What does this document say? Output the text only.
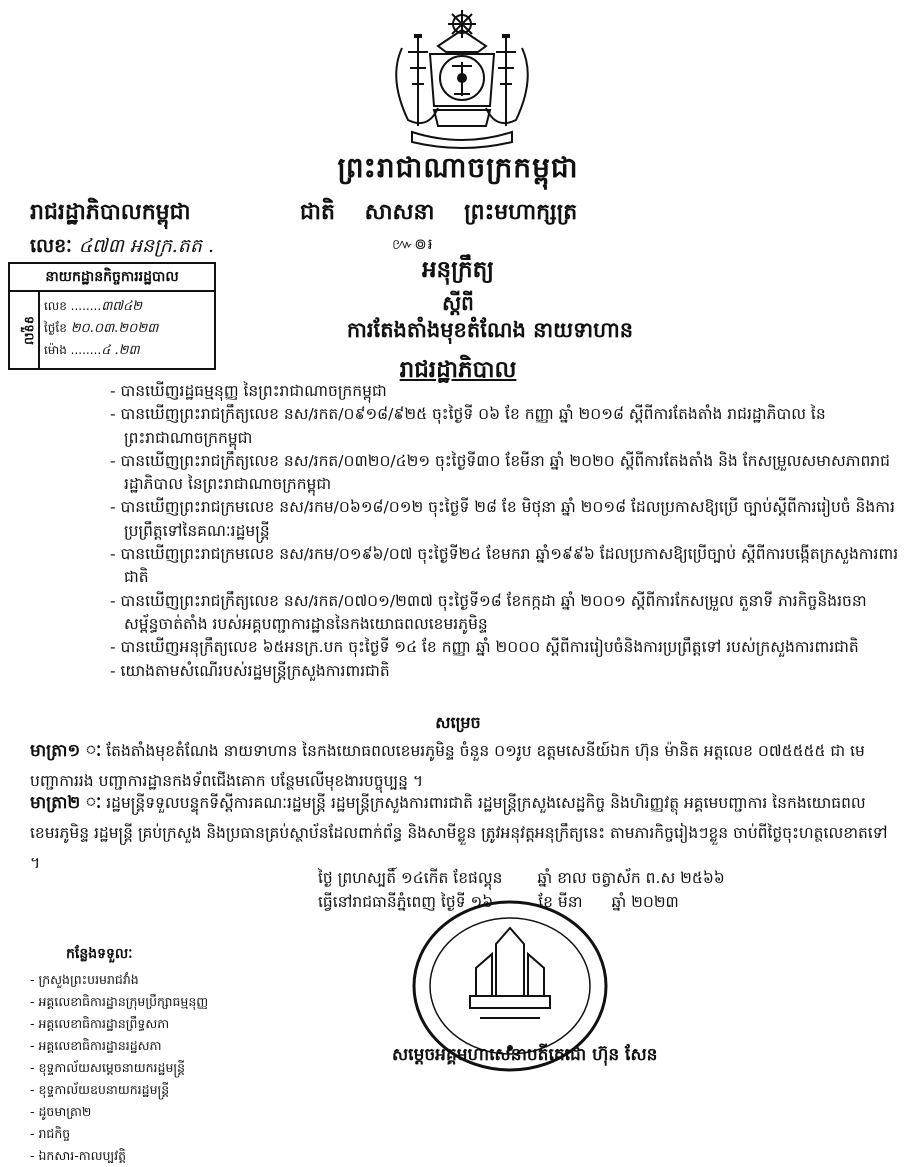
ព្រះរាជាណាចក្រកម្ពុជា
រាជរដ្ឋាភិបាលកម្ពុជា	ជាតិ សាសនា ព្រះមហាក្សត្រ
៚៙៛
លេខៈ ៤៧៣ អនក្រ.តត .
នាយកដ្ឋានកិច្ចការរដ្ឋបាល
ទទួល
លេខ ........៣៧៤២
ថ្ងៃខែ ២០.០៣.២០២៣
ម៉ោង ........៤ .២៣
អនុក្រឹត្យ
ស្ដីពី
ការតែងតាំងមុខតំណែង នាយទាហាន
រាជរដ្ឋាភិបាល
- បានឃើញរដ្ឋធម្មនុញ្ញ នៃព្រះរាជាណាចក្រកម្ពុជា
- បានឃើញព្រះរាជក្រឹត្យលេខ នស/រកត/០៩១៨/៩២៥ ចុះថ្ងៃទី ០៦ ខែ កញ្ញា ឆ្នាំ ២០១៨ ស្ដីពីការតែងតាំង រាជរដ្ឋាភិបាល នៃព្រះរាជាណាចក្រកម្ពុជា
- បានឃើញព្រះរាជក្រឹត្យលេខ នស/រកត/០៣២០/៤២១ ចុះថ្ងៃទី៣០ ខែមីនា ឆ្នាំ ២០២០ ស្ដីពីការតែងតាំង និង កែសម្រួលសមាសភាពរាជរដ្ឋាភិបាល នៃព្រះរាជាណាចក្រកម្ពុជា
- បានឃើញព្រះរាជក្រមលេខ នស/រកម/០៦១៨/០១២ ចុះថ្ងៃទី ២៨ ខែ មិថុនា ឆ្នាំ ២០១៨ ដែលប្រកាសឱ្យប្រើ ច្បាប់ស្ដីពីការរៀបចំ និងការប្រព្រឹត្តទៅនៃគណៈរដ្ឋមន្ត្រី
- បានឃើញព្រះរាជក្រមលេខ នស/រកម/០១៩៦/០៧ ចុះថ្ងៃទី២៤ ខែមករា ឆ្នាំ១៩៩៦ ដែលប្រកាសឱ្យប្រើច្បាប់ ស្ដីពីការបង្កើតក្រសួងការពារជាតិ
- បានឃើញព្រះរាជក្រឹត្យលេខ នស/រកត/០៧០១/២៣៧ ចុះថ្ងៃទី១៨ ខែកក្កដា ឆ្នាំ ២០០១ ស្ដីពីការកែសម្រួល តួនាទី ភារកិច្ចនិងរចនាសម្ព័ន្ធចាត់តាំង របស់អគ្គបញ្ជាការដ្ឋាននៃកងយោធពលខេមរភូមិន្ទ
- បានឃើញអនុក្រឹត្យលេខ ៦៥អនក្រ.បក ចុះថ្ងៃទី ១៤ ខែ កញ្ញា ឆ្នាំ ២០០០ ស្ដីពីការរៀបចំនិងការប្រព្រឹត្តទៅ របស់ក្រសួងការពារជាតិ
- យោងតាមសំណើរបស់រដ្ឋមន្ត្រីក្រសួងការពារជាតិ
សម្រេច
មាត្រា១ ៈ តែងតាំងមុខតំណែង នាយទាហាន នៃកងយោធពលខេមរភូមិន្ទ ចំនួន ០១រូប ឧត្តមសេនីយ៍ឯក ហ៊ុន ម៉ានិត អត្តលេខ ០៧៥៥៥៥ ជា មេបញ្ជាការរង បញ្ជាការដ្ឋានកងទ័ពជើងគោក បន្ថែមលើមុខងារបច្ចុប្បន្ន ។
មាត្រា២ ៈ រដ្ឋមន្ត្រីទទួលបន្ទុកទីស្ដីការគណៈរដ្ឋមន្ត្រី រដ្ឋមន្ត្រីក្រសួងការពារជាតិ រដ្ឋមន្ត្រីក្រសួងសេដ្ឋកិច្ច និងហិរញ្ញវត្ថុ អគ្គមេបញ្ជាការ នៃកងយោធពលខេមរភូមិន្ទ រដ្ឋមន្ត្រី គ្រប់ក្រសួង និងប្រធានគ្រប់ស្ថាប័នដែលពាក់ព័ន្ធ និងសាមីខ្លួន ត្រូវអនុវត្តអនុក្រឹត្យនេះ តាមភារកិច្ចរៀងៗខ្លួន ចាប់ពីថ្ងៃចុះហត្ថលេខាតទៅ ។
ថ្ងៃ ព្រហស្បតិ៍ ១៤កើត ខែផល្គុន ឆ្នាំ ខាល ចត្វាស័ក ព.ស ២៥៦៦
ធ្វើនៅរាជធានីភ្នំពេញ ថ្ងៃទី ១៦	ខែ មីនា ឆ្នាំ ២០២៣
សម្ដេចអគ្គមហាសេនាបតីតេជោ ហ៊ុន សែន
កន្លែងទទួលៈ
- ក្រសួងព្រះបរមរាជវាំង
- អគ្គលេខាធិការដ្ឋានក្រុមប្រឹក្សាធម្មនុញ្ញ
- អគ្គលេខាធិការដ្ឋានព្រឹទ្ធសភា
- អគ្គលេខាធិការដ្ឋានរដ្ឋសភា
- ខុទ្ទកាល័យសម្ដេចនាយករដ្ឋមន្ត្រី
- ខុទ្ទកាល័យឧបនាយករដ្ឋមន្ត្រី
- ដូចមាត្រា២
- រាជកិច្ច
- ឯកសារ-កាលប្បវត្តិ
